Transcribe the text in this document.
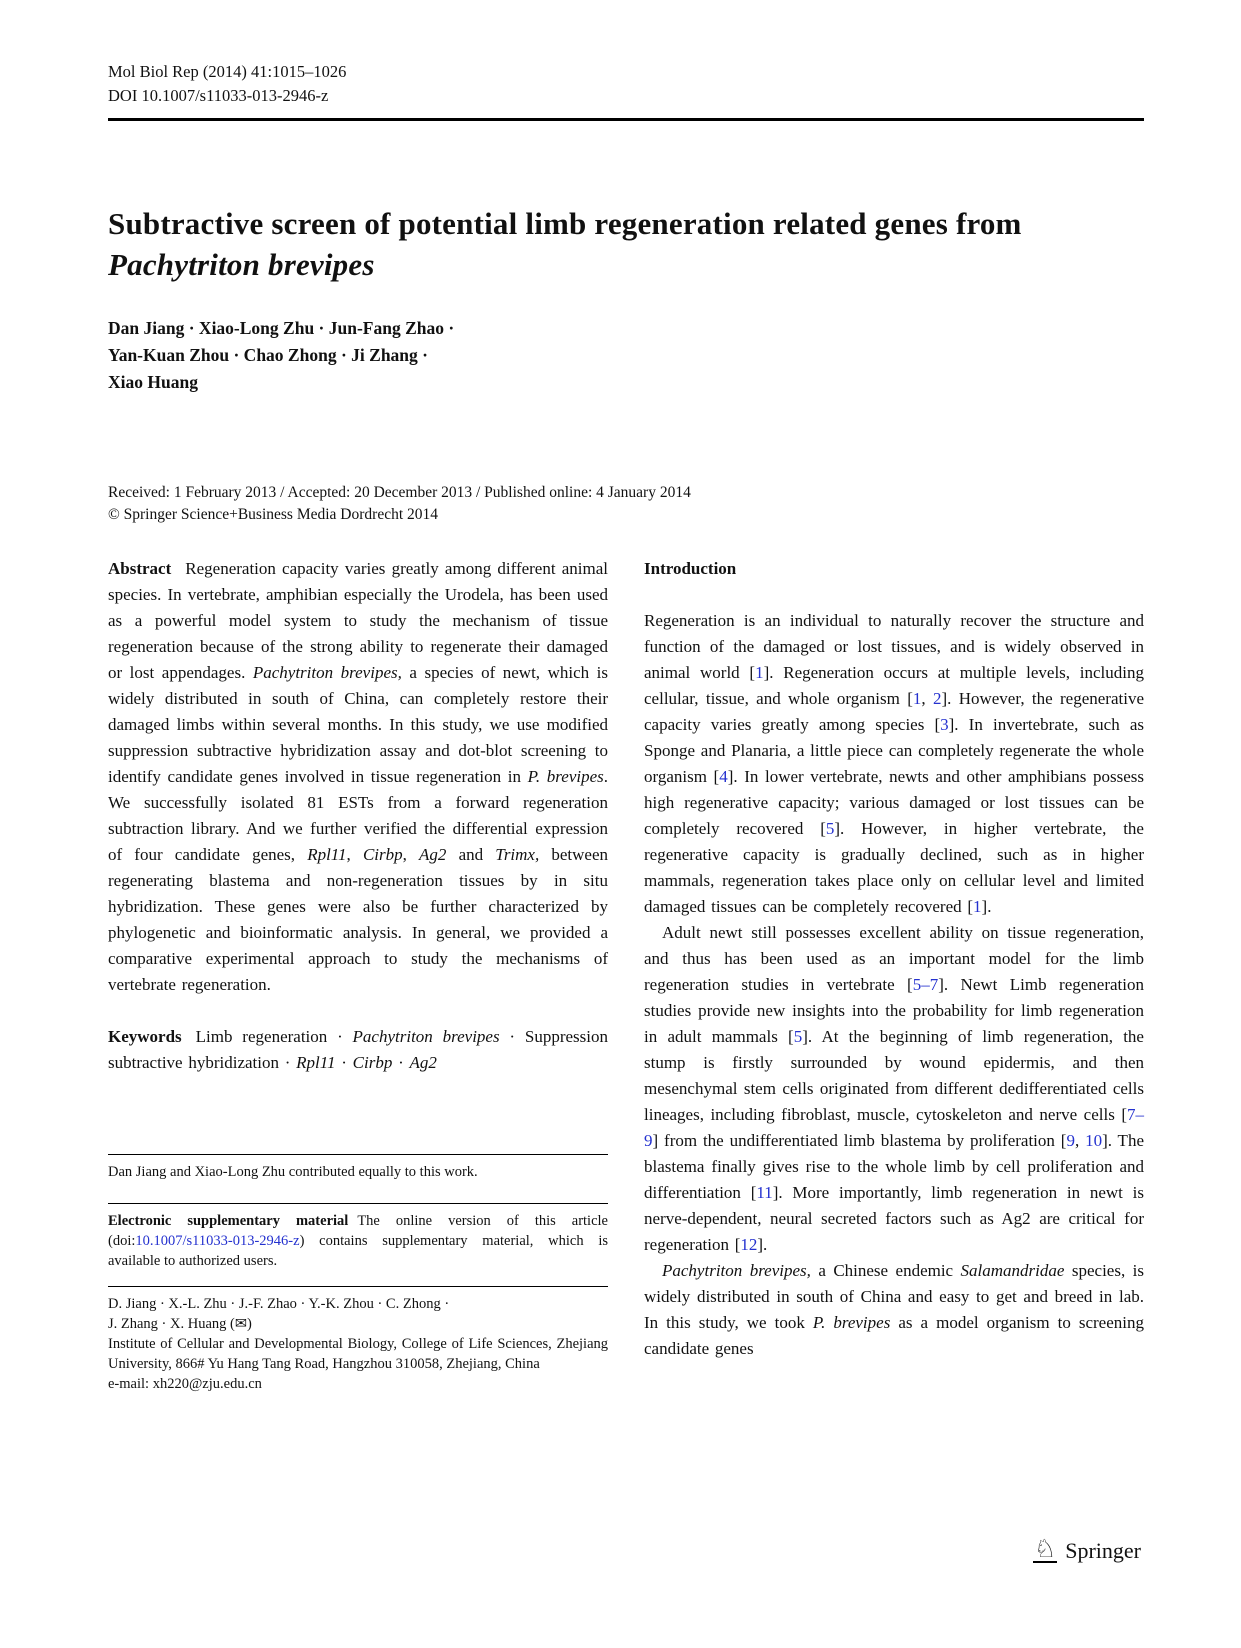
Mol Biol Rep (2014) 41:1015–1026
DOI 10.1007/s11033-013-2946-z
Subtractive screen of potential limb regeneration related genes from Pachytriton brevipes
Dan Jiang · Xiao-Long Zhu · Jun-Fang Zhao ·
Yan-Kuan Zhou · Chao Zhong · Ji Zhang ·
Xiao Huang
Received: 1 February 2013 / Accepted: 20 December 2013 / Published online: 4 January 2014
© Springer Science+Business Media Dordrecht 2014

Abstract Regeneration capacity varies greatly among different animal species. In vertebrate, amphibian especially the Urodela, has been used as a powerful model system to study the mechanism of tissue regeneration because of the strong ability to regenerate their damaged or lost appendages. Pachytriton brevipes, a species of newt, which is widely distributed in south of China, can completely restore their damaged limbs within several months. In this study, we use modified suppression subtractive hybridization assay and dot-blot screening to identify candidate genes involved in tissue regeneration in P. brevipes. We successfully isolated 81 ESTs from a forward regeneration subtraction library. And we further verified the differential expression of four candidate genes, Rpl11, Cirbp, Ag2 and Trimx, between regenerating blastema and non-regeneration tissues by in situ hybridization. These genes were also be further characterized by phylogenetic and bioinformatic analysis. In general, we provided a comparative experimental approach to study the mechanisms of vertebrate regeneration.

Keywords Limb regeneration · Pachytriton brevipes · Suppression subtractive hybridization · Rpl11 · Cirbp · Ag2

Dan Jiang and Xiao-Long Zhu contributed equally to this work.

Electronic supplementary material The online version of this article (doi:10.1007/s11033-013-2946-z) contains supplementary material, which is available to authorized users.

D. Jiang · X.-L. Zhu · J.-F. Zhao · Y.-K. Zhou · C. Zhong ·
J. Zhang · X. Huang (✉)
Institute of Cellular and Developmental Biology, College of Life Sciences, Zhejiang University, 866# Yu Hang Tang Road, Hangzhou 310058, Zhejiang, China
e-mail: xh220@zju.edu.cn
Introduction

Regeneration is an individual to naturally recover the structure and function of the damaged or lost tissues, and is widely observed in animal world [1]. Regeneration occurs at multiple levels, including cellular, tissue, and whole organism [1, 2]. However, the regenerative capacity varies greatly among species [3]. In invertebrate, such as Sponge and Planaria, a little piece can completely regenerate the whole organism [4]. In lower vertebrate, newts and other amphibians possess high regenerative capacity; various damaged or lost tissues can be completely recovered [5]. However, in higher vertebrate, the regenerative capacity is gradually declined, such as in higher mammals, regeneration takes place only on cellular level and limited damaged tissues can be completely recovered [1].

Adult newt still possesses excellent ability on tissue regeneration, and thus has been used as an important model for the limb regeneration studies in vertebrate [5–7]. Newt Limb regeneration studies provide new insights into the probability for limb regeneration in adult mammals [5]. At the beginning of limb regeneration, the stump is firstly surrounded by wound epidermis, and then mesenchymal stem cells originated from different dedifferentiated cells lineages, including fibroblast, muscle, cytoskeleton and nerve cells [7–9] from the undifferentiated limb blastema by proliferation [9, 10]. The blastema finally gives rise to the whole limb by cell proliferation and differentiation [11]. More importantly, limb regeneration in newt is nerve-dependent, neural secreted factors such as Ag2 are critical for regeneration [12].

Pachytriton brevipes, a Chinese endemic Salamandridae species, is widely distributed in south of China and easy to get and breed in lab. In this study, we took P. brevipes as a model organism to screening candidate genes

♘ Springer
